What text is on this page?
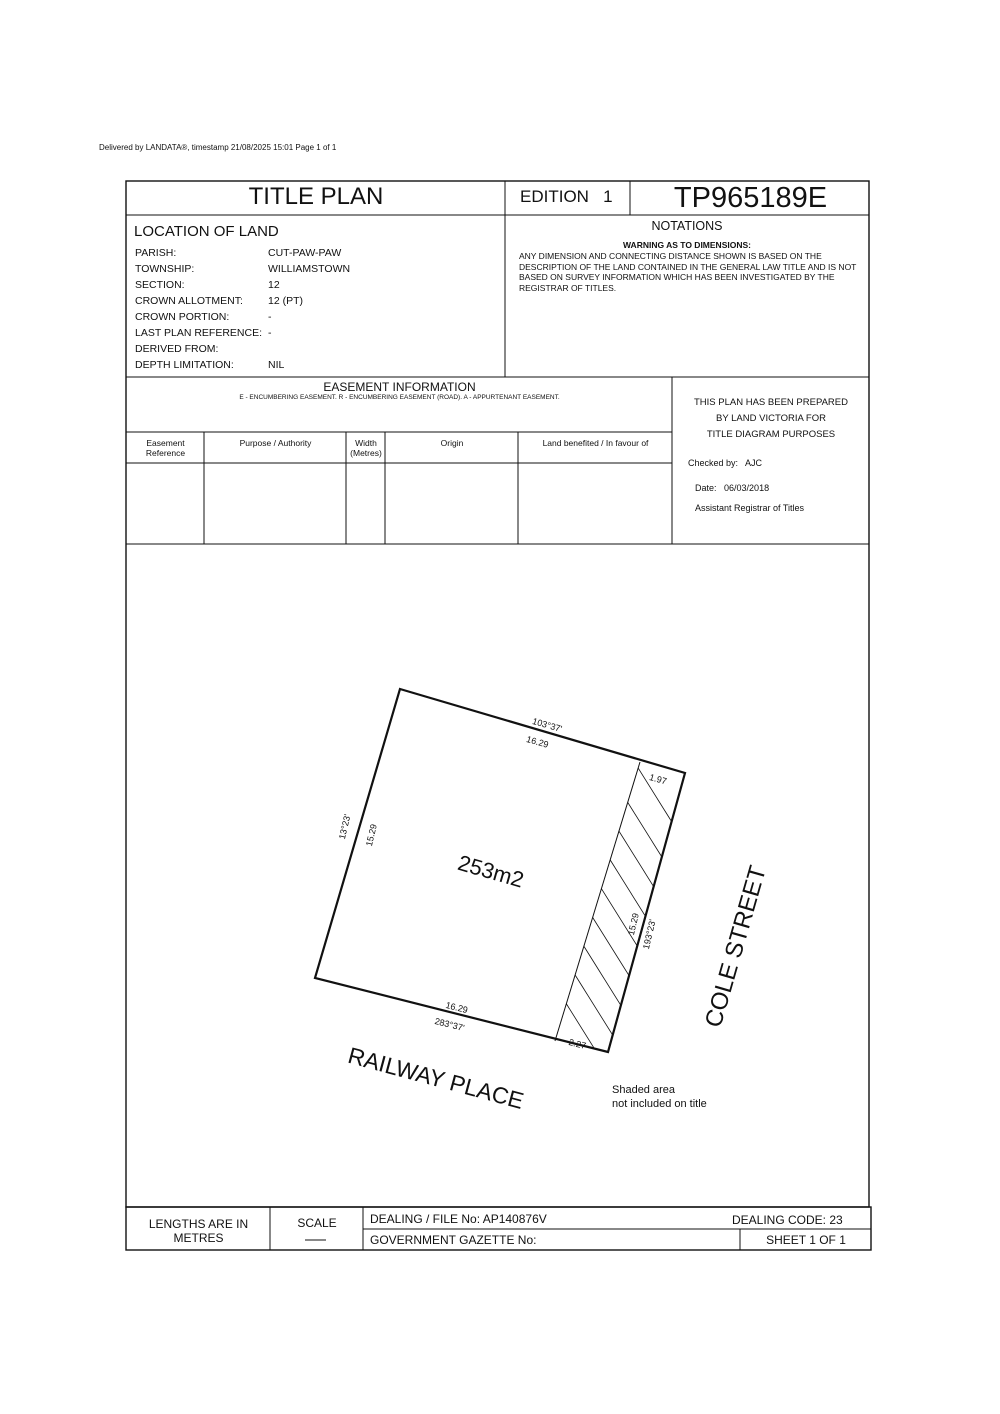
Delivered by LANDATA®, timestamp 21/08/2025 15:01 Page 1 of 1
TITLE PLAN	EDITION 1	TP965189E
LOCATION OF LAND
PARISH:	CUT-PAW-PAW
TOWNSHIP:	WILLIAMSTOWN
SECTION:	12
CROWN ALLOTMENT: 12 (PT)
CROWN PORTION:	-
LAST PLAN REFERENCE: -
DERIVED FROM:
DEPTH LIMITATION:	NIL
NOTATIONS
WARNING AS TO DIMENSIONS:
ANY DIMENSION AND CONNECTING DISTANCE SHOWN IS BASED ON THE DESCRIPTION OF THE LAND CONTAINED IN THE GENERAL LAW TITLE AND IS NOT BASED ON SURVEY INFORMATION WHICH HAS BEEN INVESTIGATED BY THE REGISTRAR OF TITLES.
EASEMENT INFORMATION
E - ENCUMBERING EASEMENT. R - ENCUMBERING EASEMENT (ROAD). A - APPURTENANT EASEMENT.
Easement Reference
Purpose / Authority	Width (Metres)
Origin	Land benefited / In favour of
THIS PLAN HAS BEEN PREPARED
BY LAND VICTORIA FOR
TITLE DIAGRAM PURPOSES
Checked by: AJC
Date: 06/03/2018
Assistant Registrar of Titles
103°37'
16.29
1.97
13°23' 15.29
253m2
15.29 193°23'
16.29
283°37'
2.27
COLE STREET
RAILWAY PLACE	Shaded area
not included on title
LENGTHS ARE IN
METRES
SCALE	DEALING / FILE No: AP140876V	DEALING CODE: 23
GOVERNMENT GAZETTE No:	SHEET 1 OF 1
